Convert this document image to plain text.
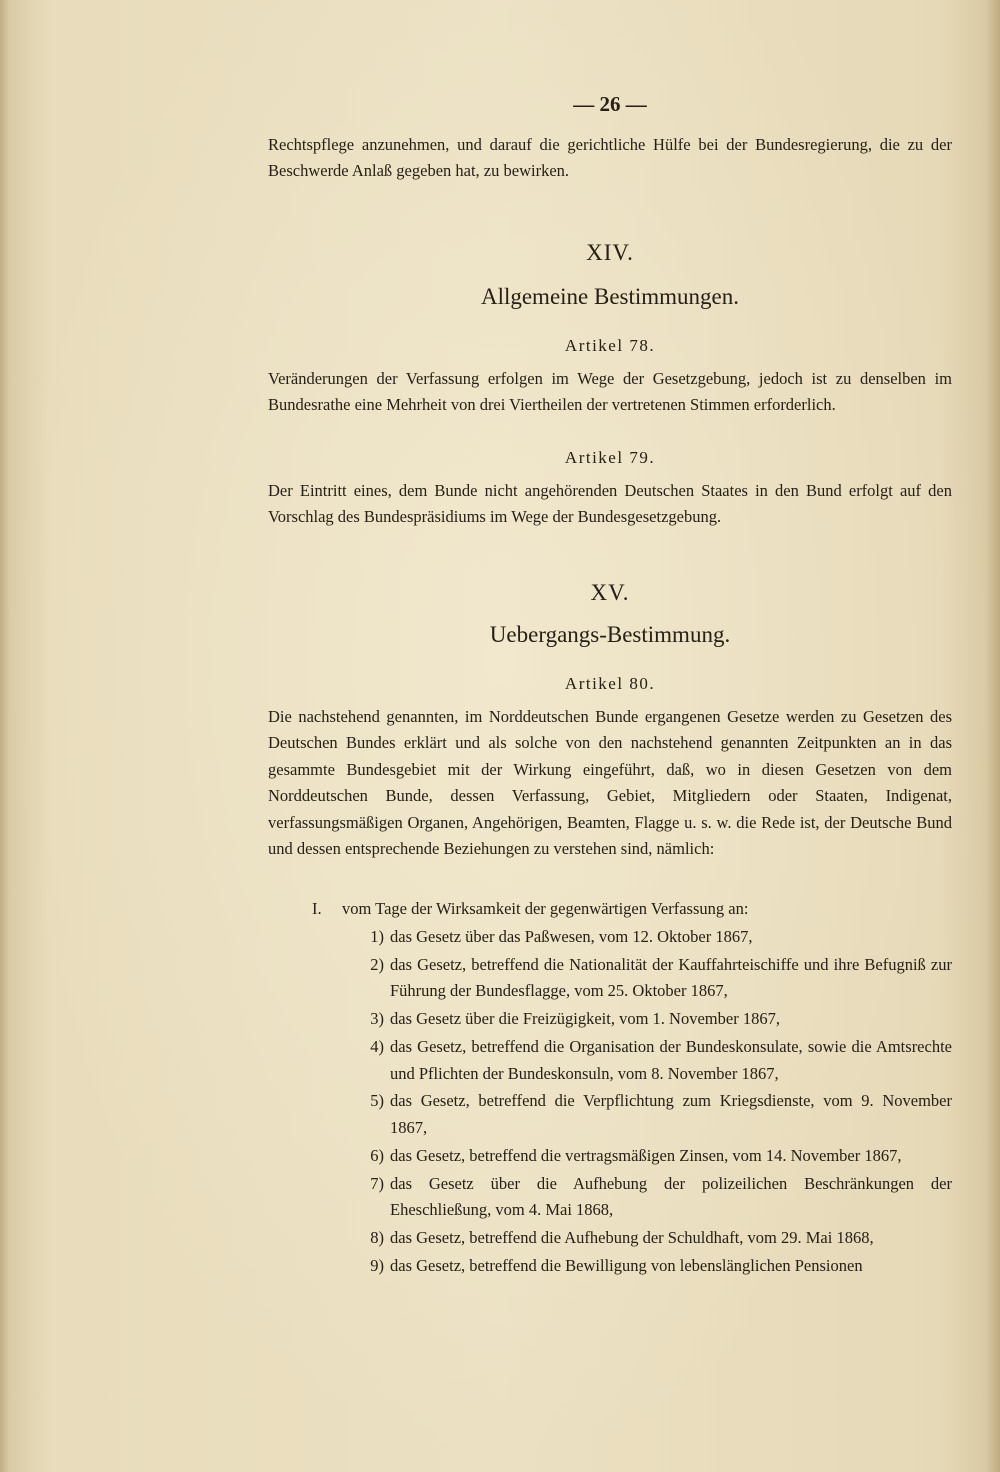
— 26 —

Rechtspflege anzunehmen, und darauf die gerichtliche Hülfe bei der Bundesregierung, die zu der Beschwerde Anlaß gegeben hat, zu bewirken.

XIV.
Allgemeine Bestimmungen.
Artikel 78.

Veränderungen der Verfassung erfolgen im Wege der Gesetzgebung, jedoch ist zu denselben im Bundesrathe eine Mehrheit von drei Viertheilen der vertretenen Stimmen erforderlich.

Artikel 79.

Der Eintritt eines, dem Bunde nicht angehörenden Deutschen Staates in den Bund erfolgt auf den Vorschlag des Bundespräsidiums im Wege der Bundesgesetzgebung.

XV.
Uebergangs-Bestimmung.
Artikel 80.

Die nachstehend genannten, im Norddeutschen Bunde ergangenen Gesetze werden zu Gesetzen des Deutschen Bundes erklärt und als solche von den nachstehend genannten Zeitpunkten an in das gesammte Bundesgebiet mit der Wirkung eingeführt, daß, wo in diesen Gesetzen von dem Norddeutschen Bunde, dessen Verfassung, Gebiet, Mitgliedern oder Staaten, Indigenat, verfassungsmäßigen Organen, Angehörigen, Beamten, Flagge u. s. w. die Rede ist, der Deutsche Bund und dessen entsprechende Beziehungen zu verstehen sind, nämlich:

I. vom Tage der Wirksamkeit der gegenwärtigen Verfassung an:

1) das Gesetz über das Paßwesen, vom 12. Oktober 1867,
2) das Gesetz, betreffend die Nationalität der Kauffahrteischiffe und ihre Befugniß zur Führung der Bundesflagge, vom 25. Oktober 1867,
3) das Gesetz über die Freizügigkeit, vom 1. November 1867,
4) das Gesetz, betreffend die Organisation der Bundeskonsulate, sowie die Amtsrechte und Pflichten der Bundeskonsuln, vom 8. November 1867,
5) das Gesetz, betreffend die Verpflichtung zum Kriegsdienste, vom 9. November 1867,
6) das Gesetz, betreffend die vertragsmäßigen Zinsen, vom 14. November 1867,
7) das Gesetz über die Aufhebung der polizeilichen Beschränkungen der Eheschließung, vom 4. Mai 1868,
8) das Gesetz, betreffend die Aufhebung der Schuldhaft, vom 29. Mai 1868,
9) das Gesetz, betreffend die Bewilligung von lebenslänglichen Pensionen
